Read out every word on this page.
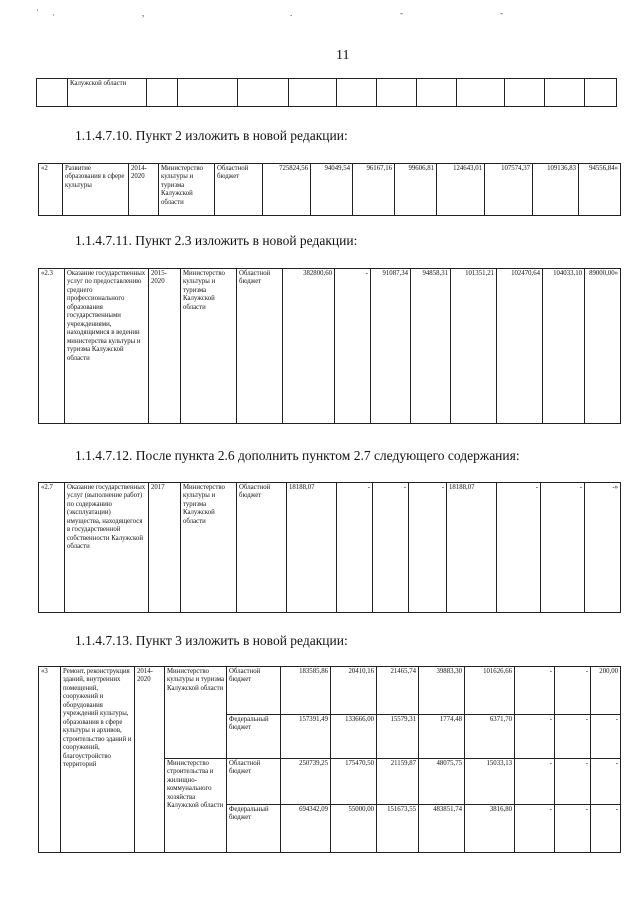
˙ ·	,	.	-	-
11
	Калужской области											
1.1.4.7.10. Пункт 2 изложить в новой редакции:
«2	Развитие образования в сфере культуры	2014-2020	Министерство культуры и туризма Калужской области	Областной бюджет	725824,56	94049,54	96167,16	99606,81	124643,01	107574,37	109136,83	94556,84»
1.1.4.7.11. Пункт 2.3 изложить в новой редакции:
«2.3	Оказание государственных услуг по предоставлению среднего профессионального образования государственными учреждениями, находящимися в ведении министерства культуры и туризма Калужской области	2015-2020	Министерство культуры и туризма Калужской области	Областной бюджет	382800,60	-	91087,34	94858,31	101351,21	102470,64	104033,10	89000,00»
1.1.4.7.12. После пункта 2.6 дополнить пунктом 2.7 следующего содержания:
«2.7	Оказание государственных услуг (выполнение работ) по содержанию (эксплуатации) имущества, находящегося в государственной собственности Калужской области	2017	Министерство культуры и туризма Калужской области	Областной бюджет	18188,07	-	-	-	18188,07	-	-	-»
1.1.4.7.13. Пункт 3 изложить в новой редакции:
«3	Ремонт, реконструкция зданий, внутренних помещений, сооружений и оборудования учреждений культуры, образования в сфере культуры и архивов, строительство зданий и сооружений, благоустройство территорий	2014-2020	Министерство культуры и туризма Калужской области	Областной бюджет	183585,86	20410,16	21465,74	39883,30	101626,66	-	-	200,00
				Федеральный бюджет	157391,49	133666,00	15579,31	1774,48	6371,70	-	-	-
			Министерство строительства и жилищно-коммунального хозяйства Калужской области	Областной бюджет	250739,25	175470,50	21159,87	48075,75	15033,13	-	-	-
				Федеральный бюджет	694342,09	55000,00	151673,55	483851,74	3816,80	-	-	-
